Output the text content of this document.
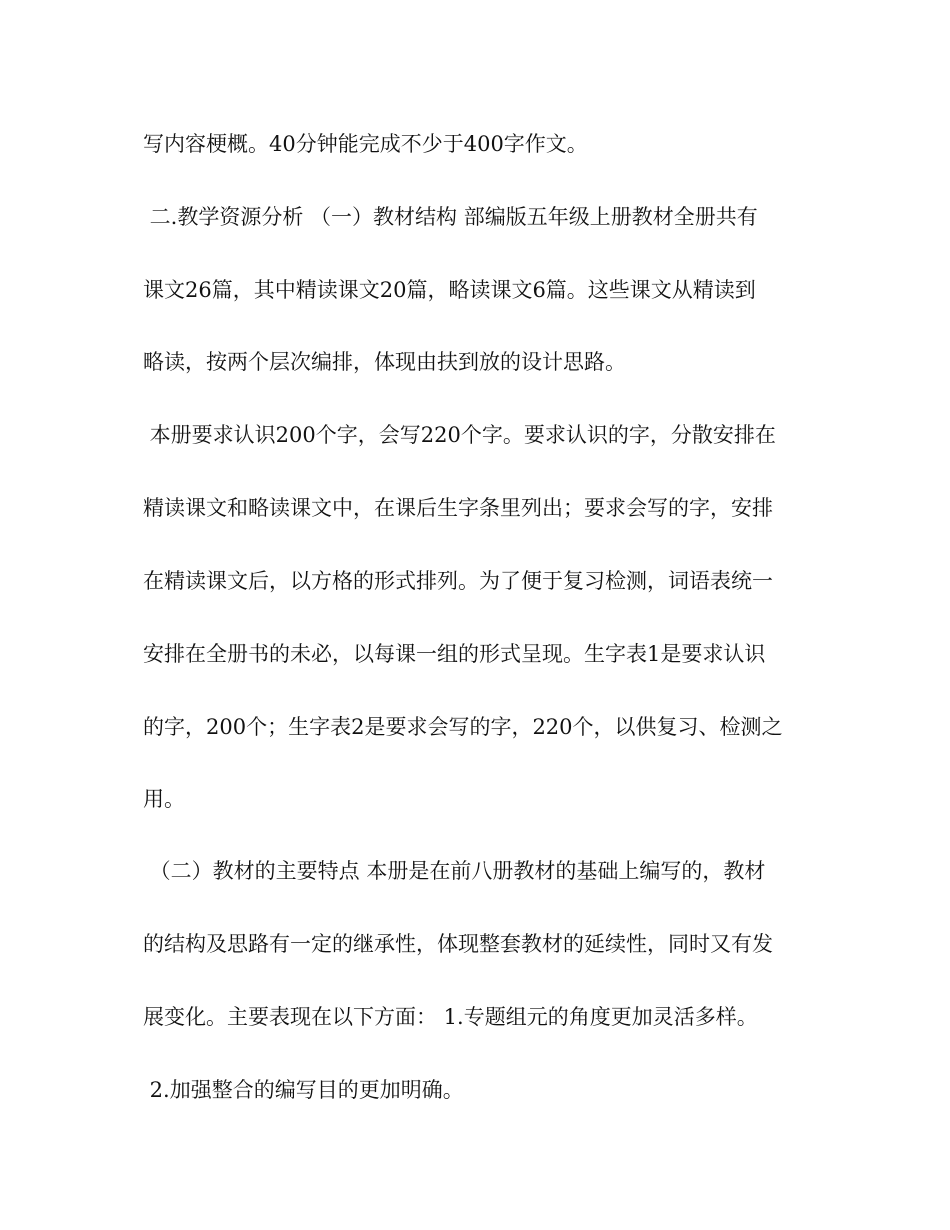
写内容梗概。40分钟能完成不少于400字作文。
二.教学资源分析 （一）教材结构 部编版五年级上册教材全册共有
课文26篇，其中精读课文20篇，略读课文6篇。这些课文从精读到
略读，按两个层次编排，体现由扶到放的设计思路。
本册要求认识200个字，会写220个字。要求认识的字，分散安排在
精读课文和略读课文中，在课后生字条里列出；要求会写的字，安排
在精读课文后，以方格的形式排列。为了便于复习检测，词语表统一
安排在全册书的未必，以每课一组的形式呈现。生字表1是要求认识
的字，200个；生字表2是要求会写的字，220个，以供复习、检测之
用。
（二）教材的主要特点 本册是在前八册教材的基础上编写的，教材
的结构及思路有一定的继承性，体现整套教材的延续性，同时又有发
展变化。主要表现在以下方面： 1.专题组元的角度更加灵活多样。
2.加强整合的编写目的更加明确。
